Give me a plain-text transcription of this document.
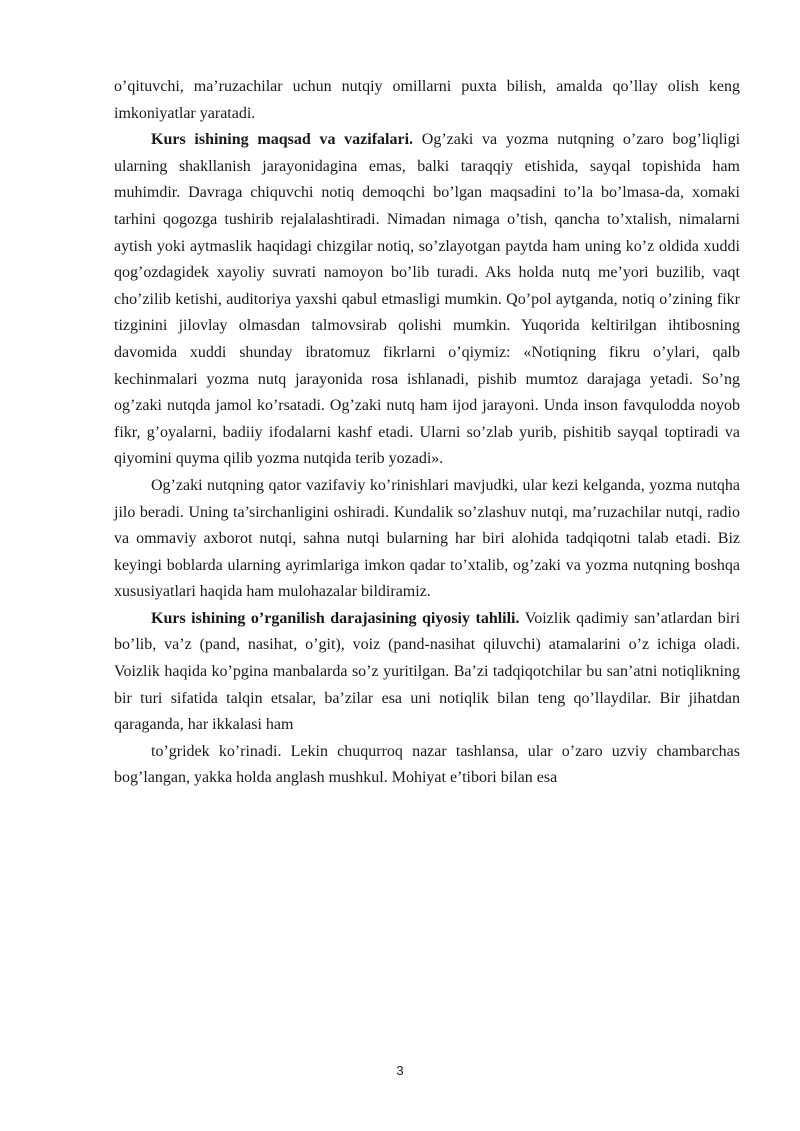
o’qituvchi, ma’ruzachilar uchun nutqiy omillarni puxta bilish, amalda qo’llay olish keng imkoniyatlar yaratadi.

Kurs ishining maqsad va vazifalari. Og’zaki va yozma nutqning o’zaro bog’liqligi ularning shakllanish jarayonidagina emas, balki taraqqiy etishida, sayqal topishida ham muhimdir. Davraga chiquvchi notiq demoqchi bo’lgan maqsadini to’la bo’lmasa-da, xomaki tarhini qogozga tushirib rejalalashtiradi. Nimadan nimaga o’tish, qancha to’xtalish, nimalarni aytish yoki aytmaslik haqidagi chizgilar notiq, so’zlayotgan paytda ham uning ko’z oldida xuddi qog’ozdagidek xayoliy suvrati namoyon bo’lib turadi. Aks holda nutq me’yori buzilib, vaqt cho’zilib ketishi, auditoriya yaxshi qabul etmasligi mumkin. Qo’pol aytganda, notiq o’zining fikr tizginini jilovlay olmasdan talmovsirab qolishi mumkin. Yuqorida keltirilgan ihtibosning davomida xuddi shunday ibratomuz fikrlarni o’qiymiz: «Notiqning fikru o’ylari, qalb kechinmalari yozma nutq jarayonida rosa ishlanadi, pishib mumtoz darajaga yetadi. So’ng og’zaki nutqda jamol ko’rsatadi. Og’zaki nutq ham ijod jarayoni. Unda inson favqulodda noyob fikr, g’oyalarni, badiiy ifodalarni kashf etadi. Ularni so’zlab yurib, pishitib sayqal toptiradi va qiyomini quyma qilib yozma nutqida terib yozadi».

Og’zaki nutqning qator vazifaviy ko’rinishlari mavjudki, ular kezi kelganda, yozma nutqha jilo beradi. Uning ta’sirchanligini oshiradi. Kundalik so’zlashuv nutqi, ma’ruzachilar nutqi, radio va ommaviy axborot nutqi, sahna nutqi bularning har biri alohida tadqiqotni talab etadi. Biz keyingi boblarda ularning ayrimlariga imkon qadar to’xtalib, og’zaki va yozma nutqning boshqa xususiyatlari haqida ham mulohazalar bildiramiz.

Kurs ishining o’rganilish darajasining qiyosiy tahlili. Voizlik qadimiy san’atlardan biri bo’lib, va’z (pand, nasihat, o’git), voiz (pand-nasihat qiluvchi) atamalarini o’z ichiga oladi. Voizlik haqida ko’pgina manbalarda so’z yuritilgan. Ba’zi tadqiqotchilar bu san’atni notiqlikning bir turi sifatida talqin etsalar, ba’zilar esa uni notiqlik bilan teng qo’llaydilar. Bir jihatdan qaraganda, har ikkalasi ham

to’gridek ko’rinadi. Lekin chuqurroq nazar tashlansa, ular o’zaro uzviy chambarchas bog’langan, yakka holda anglash mushkul. Mohiyat e’tibori bilan esa

3
